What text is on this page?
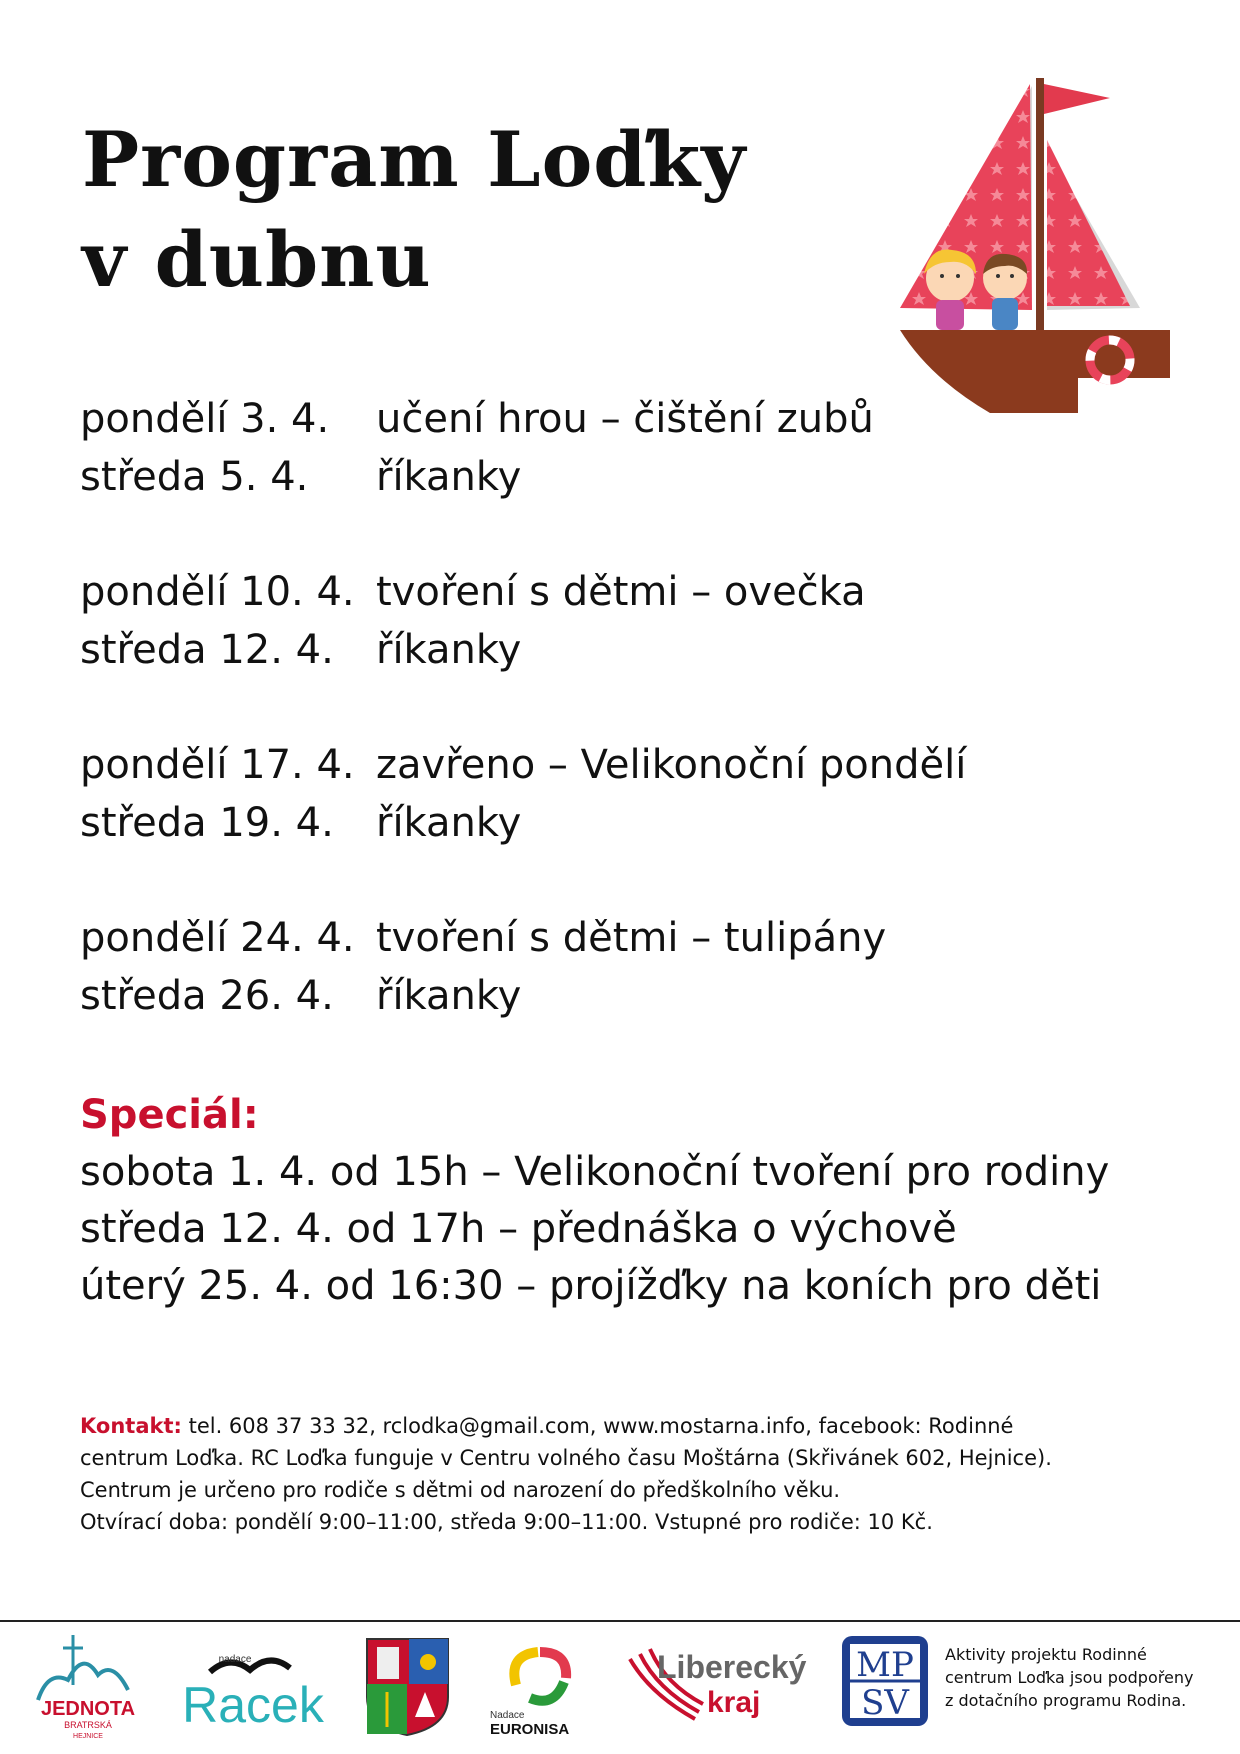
Program Loďky
v dubnu
pondělí 3. 4.	učení hrou – čištění zubů
středa 5. 4.	říkanky
pondělí 10. 4. tvoření s dětmi – ovečka
středa 12. 4.	říkanky
pondělí 17. 4. zavřeno – Velikonoční pondělí
středa 19. 4.	říkanky
pondělí 24. 4. tvoření s dětmi – tulipány
středa 26. 4.	říkanky
Speciál:
sobota 1. 4. od 15h – Velikonoční tvoření pro rodiny
středa 12. 4. od 17h – přednáška o výchově
úterý 25. 4. od 16:30 – projížďky na koních pro děti
Kontakt: tel. 608 37 33 32, rclodka@gmail.com, www.mostarna.info, facebook: Rodinné
centrum Loďka. RC Loďka funguje v Centru volného času Moštárna (Skřivánek 602, Hejnice).
Centrum je určeno pro rodiče s dětmi od narození do předškolního věku.
Otvírací doba: pondělí 9:00–11:00, středa 9:00–11:00. Vstupné pro rodiče: 10 Kč.
JEDNOTA
BRATRSKÁ
HEJNICE
nadace
Racek	Nadace
EURONISA
Liberecký
kraj
MP
SV
Aktivity projektu Rodinné
centrum Loďka jsou podpořeny
z dotačního programu Rodina.
